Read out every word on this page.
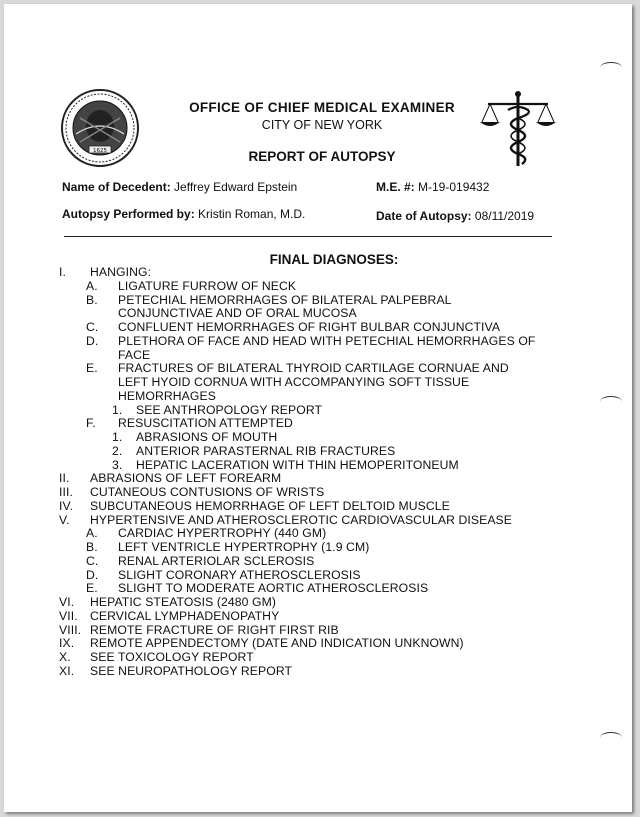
1625
OFFICE OF CHIEF MEDICAL EXAMINER
CITY OF NEW YORK
REPORT OF AUTOPSY
Name of Decedent: Jeffrey Edward Epstein	M.E. #: M-19-019432
Autopsy Performed by: Kristin Roman, M.D.	Date of Autopsy: 08/11/2019
FINAL DIAGNOSES:
I. HANGING:
A. LIGATURE FURROW OF NECK
B. PETECHIAL HEMORRHAGES OF BILATERAL PALPEBRAL
CONJUNCTIVAE AND OF ORAL MUCOSA
C. CONFLUENT HEMORRHAGES OF RIGHT BULBAR CONJUNCTIVA
D. PLETHORA OF FACE AND HEAD WITH PETECHIAL HEMORRHAGES OF
FACE
E. FRACTURES OF BILATERAL THYROID CARTILAGE CORNUAE AND
LEFT HYOID CORNUA WITH ACCOMPANYING SOFT TISSUE
HEMORRHAGES
1. SEE ANTHROPOLOGY REPORT
F. RESUSCITATION ATTEMPTED
1. ABRASIONS OF MOUTH
2. ANTERIOR PARASTERNAL RIB FRACTURES
3. HEPATIC LACERATION WITH THIN HEMOPERITONEUM
II. ABRASIONS OF LEFT FOREARM
III. CUTANEOUS CONTUSIONS OF WRISTS
IV. SUBCUTANEOUS HEMORRHAGE OF LEFT DELTOID MUSCLE
V. HYPERTENSIVE AND ATHEROSCLEROTIC CARDIOVASCULAR DISEASE
A. CARDIAC HYPERTROPHY (440 GM)
B. LEFT VENTRICLE HYPERTROPHY (1.9 CM)
C. RENAL ARTERIOLAR SCLEROSIS
D. SLIGHT CORONARY ATHEROSCLEROSIS
E. SLIGHT TO MODERATE AORTIC ATHEROSCLEROSIS
VI. HEPATIC STEATOSIS (2480 GM)
VII. CERVICAL LYMPHADENOPATHY
VIII. REMOTE FRACTURE OF RIGHT FIRST RIB
IX. REMOTE APPENDECTOMY (DATE AND INDICATION UNKNOWN)
X. SEE TOXICOLOGY REPORT
XI. SEE NEUROPATHOLOGY REPORT
